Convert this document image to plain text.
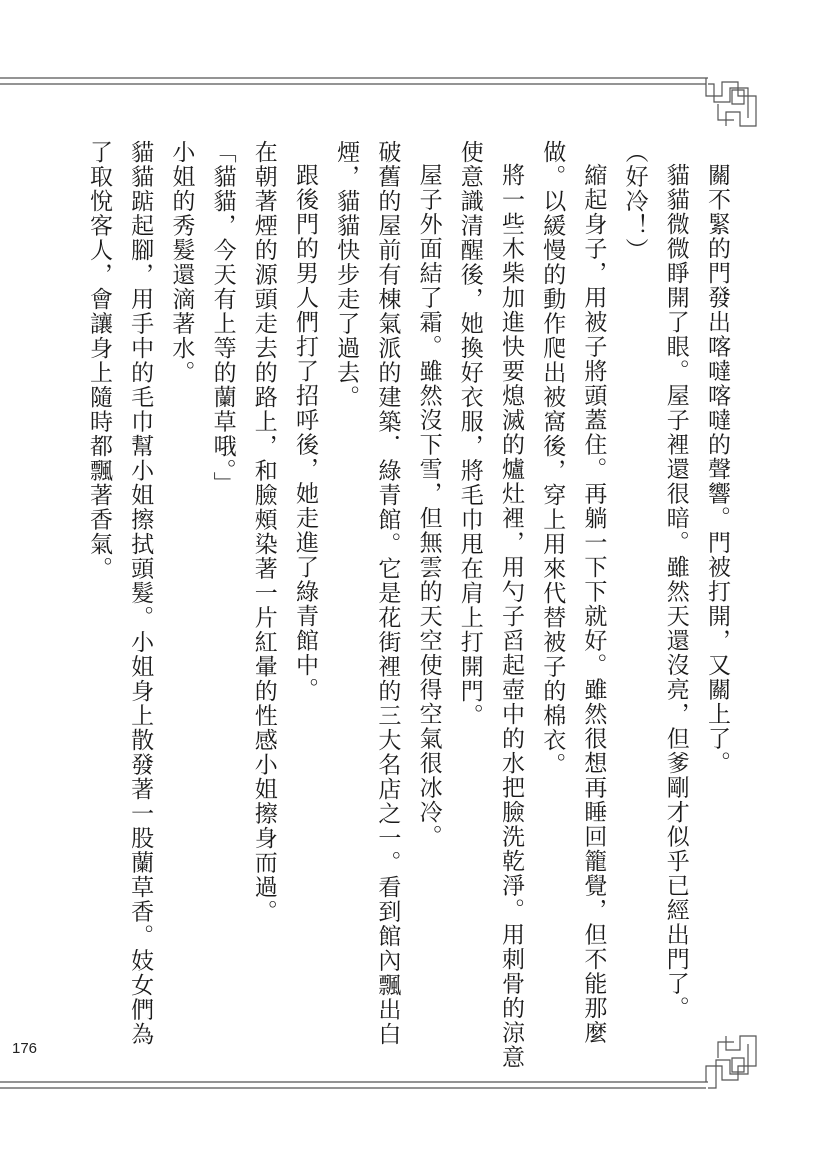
關不緊的門發出喀噠喀噠的聲響。門被打開，又關上了。

貓貓微微睜開了眼。屋子裡還很暗。雖然天還沒亮，但爹剛才似乎已經出門了。

（好冷！）

縮起身子，用被子將頭蓋住。再躺一下下就好。雖然很想再睡回籠覺，但不能那麼做。以緩慢的動作爬出被窩後，穿上用來代替被子的棉衣。

將一些木柴加進快要熄滅的爐灶裡，用勺子舀起壺中的水把臉洗乾淨。用刺骨的涼意使意識清醒後，她換好衣服，將毛巾甩在肩上打開門。

屋子外面結了霜。雖然沒下雪，但無雲的天空使得空氣很冰冷。

破舊的屋前有棟氣派的建築．綠青館。它是花街裡的三大名店之一。看到館內飄出白煙，貓貓快步走了過去。

跟後門的男人們打了招呼後，她走進了綠青館中。

在朝著煙的源頭走去的路上，和臉頰染著一片紅暈的性感小姐擦身而過。

「貓貓，今天有上等的蘭草哦。」

小姐的秀髮還滴著水。

貓貓踮起腳，用手中的毛巾幫小姐擦拭頭髮。小姐身上散發著一股蘭草香。妓女們為了取悅客人，會讓身上隨時都飄著香氣。

176
